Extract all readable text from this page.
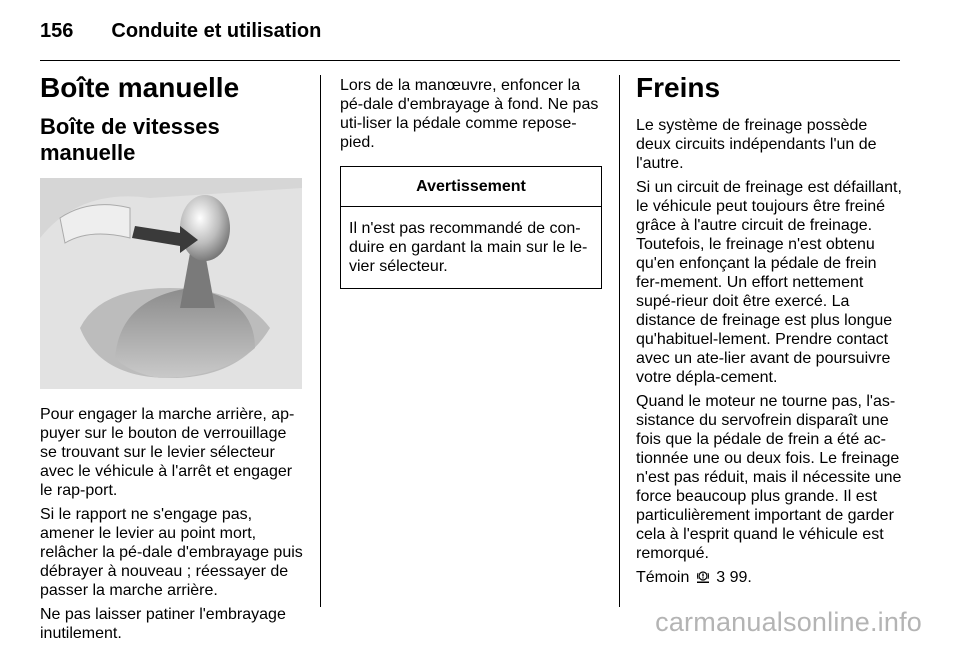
156 Conduite et utilisation
Boîte manuelle
Boîte de vitesses manuelle

Pour engager la marche arrière, ap-puyer sur le bouton de verrouillage se trouvant sur le levier sélecteur avec le véhicule à l'arrêt et engager le rap-port.

Si le rapport ne s'engage pas, amener le levier au point mort, relâcher la pé-dale d'embrayage puis débrayer à nouveau ; réessayer de passer la marche arrière.

Ne pas laisser patiner l'embrayage inutilement.

Lors de la manœuvre, enfoncer la pé-dale d'embrayage à fond. Ne pas uti-liser la pédale comme repose-pied.

Avertissement
Il n'est pas recommandé de con-duire en gardant la main sur le le-vier sélecteur.
Freins

Le système de freinage possède deux circuits indépendants l'un de l'autre.

Si un circuit de freinage est défaillant, le véhicule peut toujours être freiné grâce à l'autre circuit de freinage. Toutefois, le freinage n'est obtenu qu'en enfonçant la pédale de frein fer-mement. Un effort nettement supé-rieur doit être exercé. La distance de freinage est plus longue qu'habituel-lement. Prendre contact avec un ate-lier avant de poursuivre votre dépla-cement.

Quand le moteur ne tourne pas, l'as-sistance du servofrein disparaît une fois que la pédale de frein a été ac-tionnée une ou deux fois. Le freinage n'est pas réduit, mais il nécessite une force beaucoup plus grande. Il est particulièrement important de garder cela à l'esprit quand le véhicule est remorqué.

Témoin 3 99.

carmanualsonline.info
